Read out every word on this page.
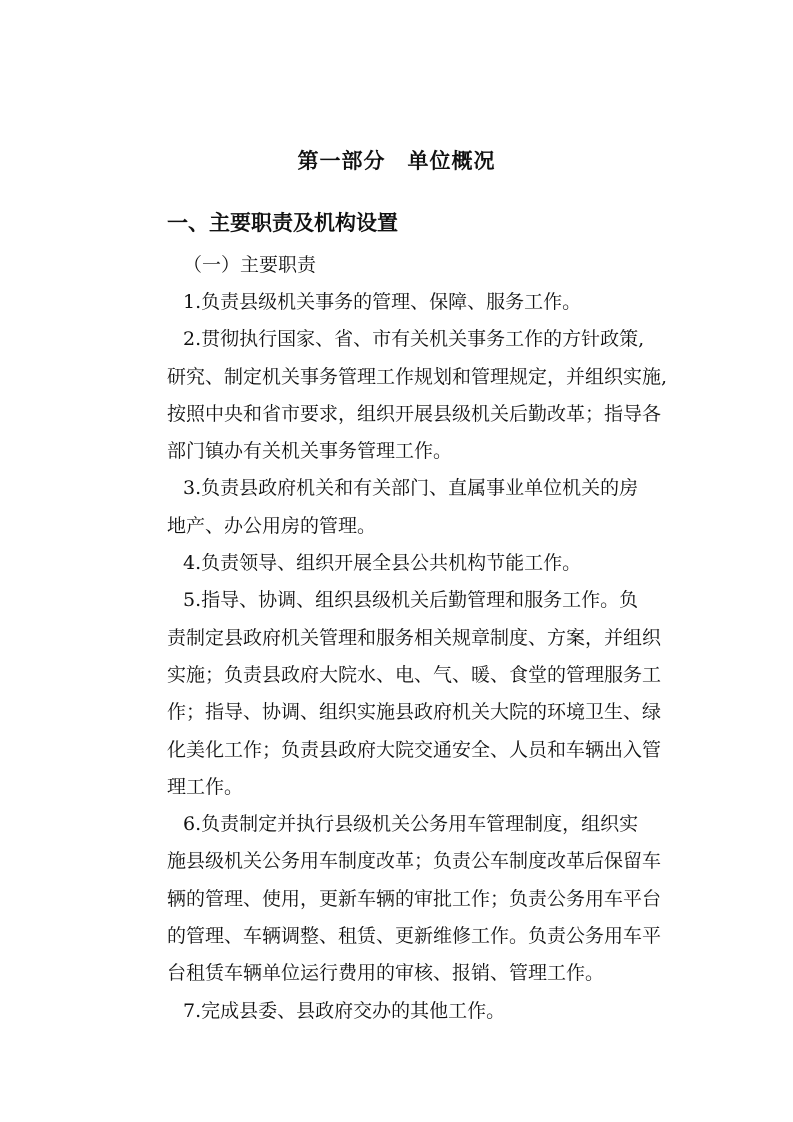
第一部分　单位概况
一、主要职责及机构设置
（一）主要职责
1.负责县级机关事务的管理、保障、服务工作。
2.贯彻执行国家、省、市有关机关事务工作的方针政策,
研究、制定机关事务管理工作规划和管理规定，并组织实施,
按照中央和省市要求，组织开展县级机关后勤改革；指导各
部门镇办有关机关事务管理工作。
3.负责县政府机关和有关部门、直属事业单位机关的房
地产、办公用房的管理。
4.负责领导、组织开展全县公共机构节能工作。
5.指导、协调、组织县级机关后勤管理和服务工作。负
责制定县政府机关管理和服务相关规章制度、方案，并组织
实施；负责县政府大院水、电、气、暖、食堂的管理服务工
作；指导、协调、组织实施县政府机关大院的环境卫生、绿
化美化工作；负责县政府大院交通安全、人员和车辆出入管
理工作。
6.负责制定并执行县级机关公务用车管理制度，组织实
施县级机关公务用车制度改革；负责公车制度改革后保留车
辆的管理、使用，更新车辆的审批工作；负责公务用车平台
的管理、车辆调整、租赁、更新维修工作。负责公务用车平
台租赁车辆单位运行费用的审核、报销、管理工作。
7.完成县委、县政府交办的其他工作。
